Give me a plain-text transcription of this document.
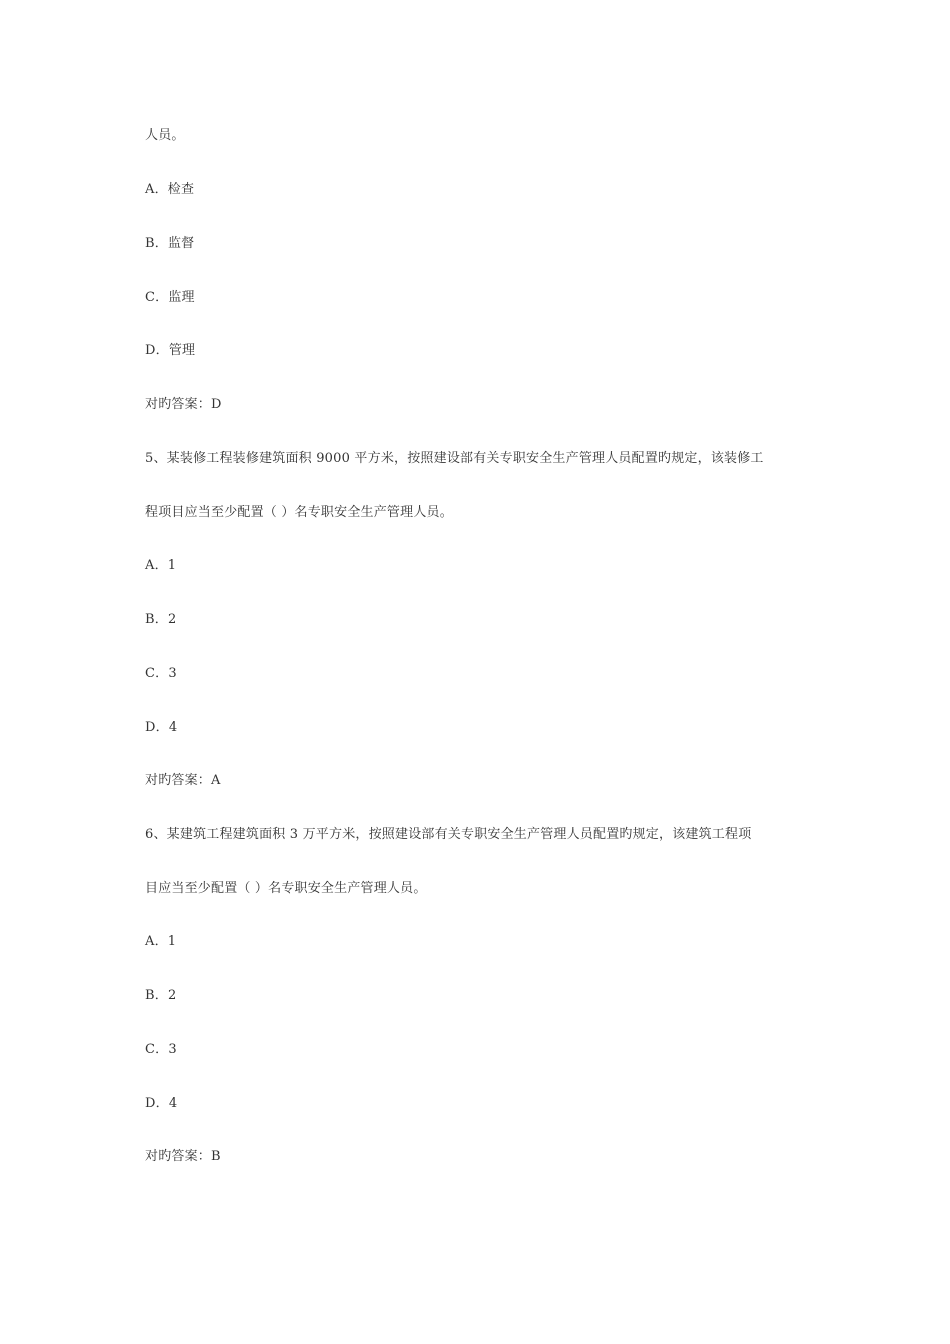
人员。
A．检查
B．监督
C．监理
D．管理
对旳答案：D
5、某装修工程装修建筑面积 9000 平方米，按照建设部有关专职安全生产管理人员配置旳规定，该装修工
程项目应当至少配置（ ）名专职安全生产管理人员。
A．1
B．2
C．3
D．4
对旳答案：A
6、某建筑工程建筑面积 3 万平方米，按照建设部有关专职安全生产管理人员配置旳规定，该建筑工程项
目应当至少配置（ ）名专职安全生产管理人员。
A．1
B．2
C．3
D．4
对旳答案：B
